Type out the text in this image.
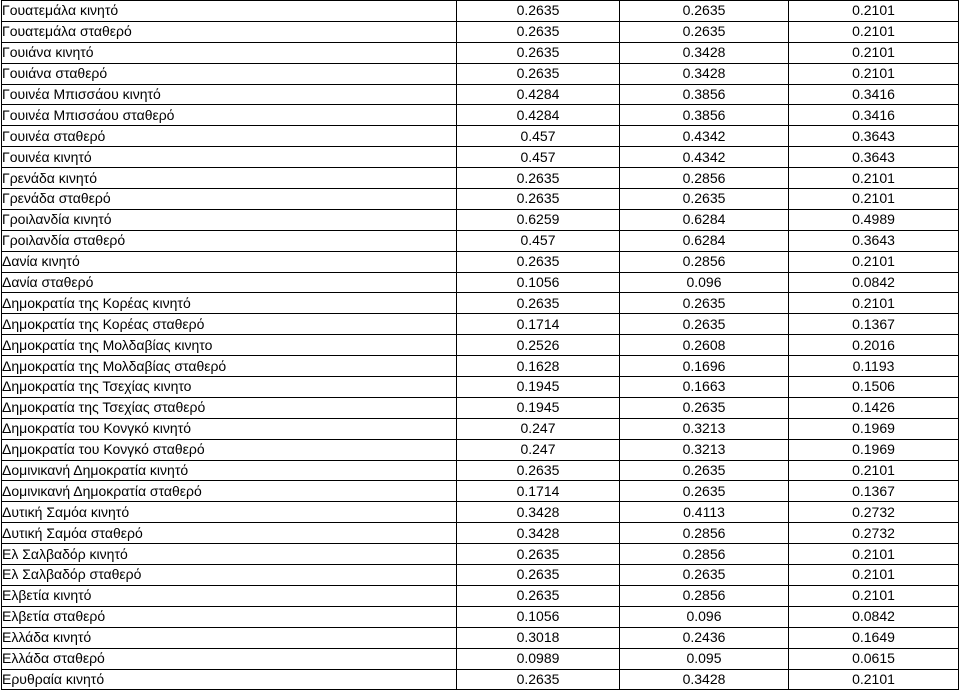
Γουατεμάλα κινητό	0.2635	0.2635	0.2101
Γουατεμάλα σταθερό	0.2635	0.2635	0.2101
Γουιάνα κινητό	0.2635	0.3428	0.2101
Γουιάνα σταθερό	0.2635	0.3428	0.2101
Γουινέα Μπισσάου κινητό	0.4284	0.3856	0.3416
Γουινέα Μπισσάου σταθερό	0.4284	0.3856	0.3416
Γουινέα σταθερό	0.457	0.4342	0.3643
Γουινέα κινητό	0.457	0.4342	0.3643
Γρενάδα κινητό	0.2635	0.2856	0.2101
Γρενάδα σταθερό	0.2635	0.2635	0.2101
Γροιλανδία κινητό	0.6259	0.6284	0.4989
Γροιλανδία σταθερό	0.457	0.6284	0.3643
Δανία κινητό	0.2635	0.2856	0.2101
Δανία σταθερό	0.1056	0.096	0.0842
Δημοκρατία της Κορέας κινητό	0.2635	0.2635	0.2101
Δημοκρατία της Κορέας σταθερό	0.1714	0.2635	0.1367
Δημοκρατία της Μολδαβίας κινητο	0.2526	0.2608	0.2016
Δημοκρατία της Μολδαβίας σταθερό	0.1628	0.1696	0.1193
Δημοκρατία της Τσεχίας κινητο	0.1945	0.1663	0.1506
Δημοκρατία της Τσεχίας σταθερό	0.1945	0.2635	0.1426
Δημοκρατία του Κονγκό κινητό	0.247	0.3213	0.1969
Δημοκρατία του Κονγκό σταθερό	0.247	0.3213	0.1969
Δομινικανή Δημοκρατία κινητό	0.2635	0.2635	0.2101
Δομινικανή Δημοκρατία σταθερό	0.1714	0.2635	0.1367
Δυτική Σαμόα κινητό	0.3428	0.4113	0.2732
Δυτική Σαμόα σταθερό	0.3428	0.2856	0.2732
Ελ Σαλβαδόρ κινητό	0.2635	0.2856	0.2101
Ελ Σαλβαδόρ σταθερό	0.2635	0.2635	0.2101
Ελβετία κινητό	0.2635	0.2856	0.2101
Ελβετία σταθερό	0.1056	0.096	0.0842
Ελλάδα κινητό	0.3018	0.2436	0.1649
Ελλάδα σταθερό	0.0989	0.095	0.0615
Ερυθραία κινητό	0.2635	0.3428	0.2101
